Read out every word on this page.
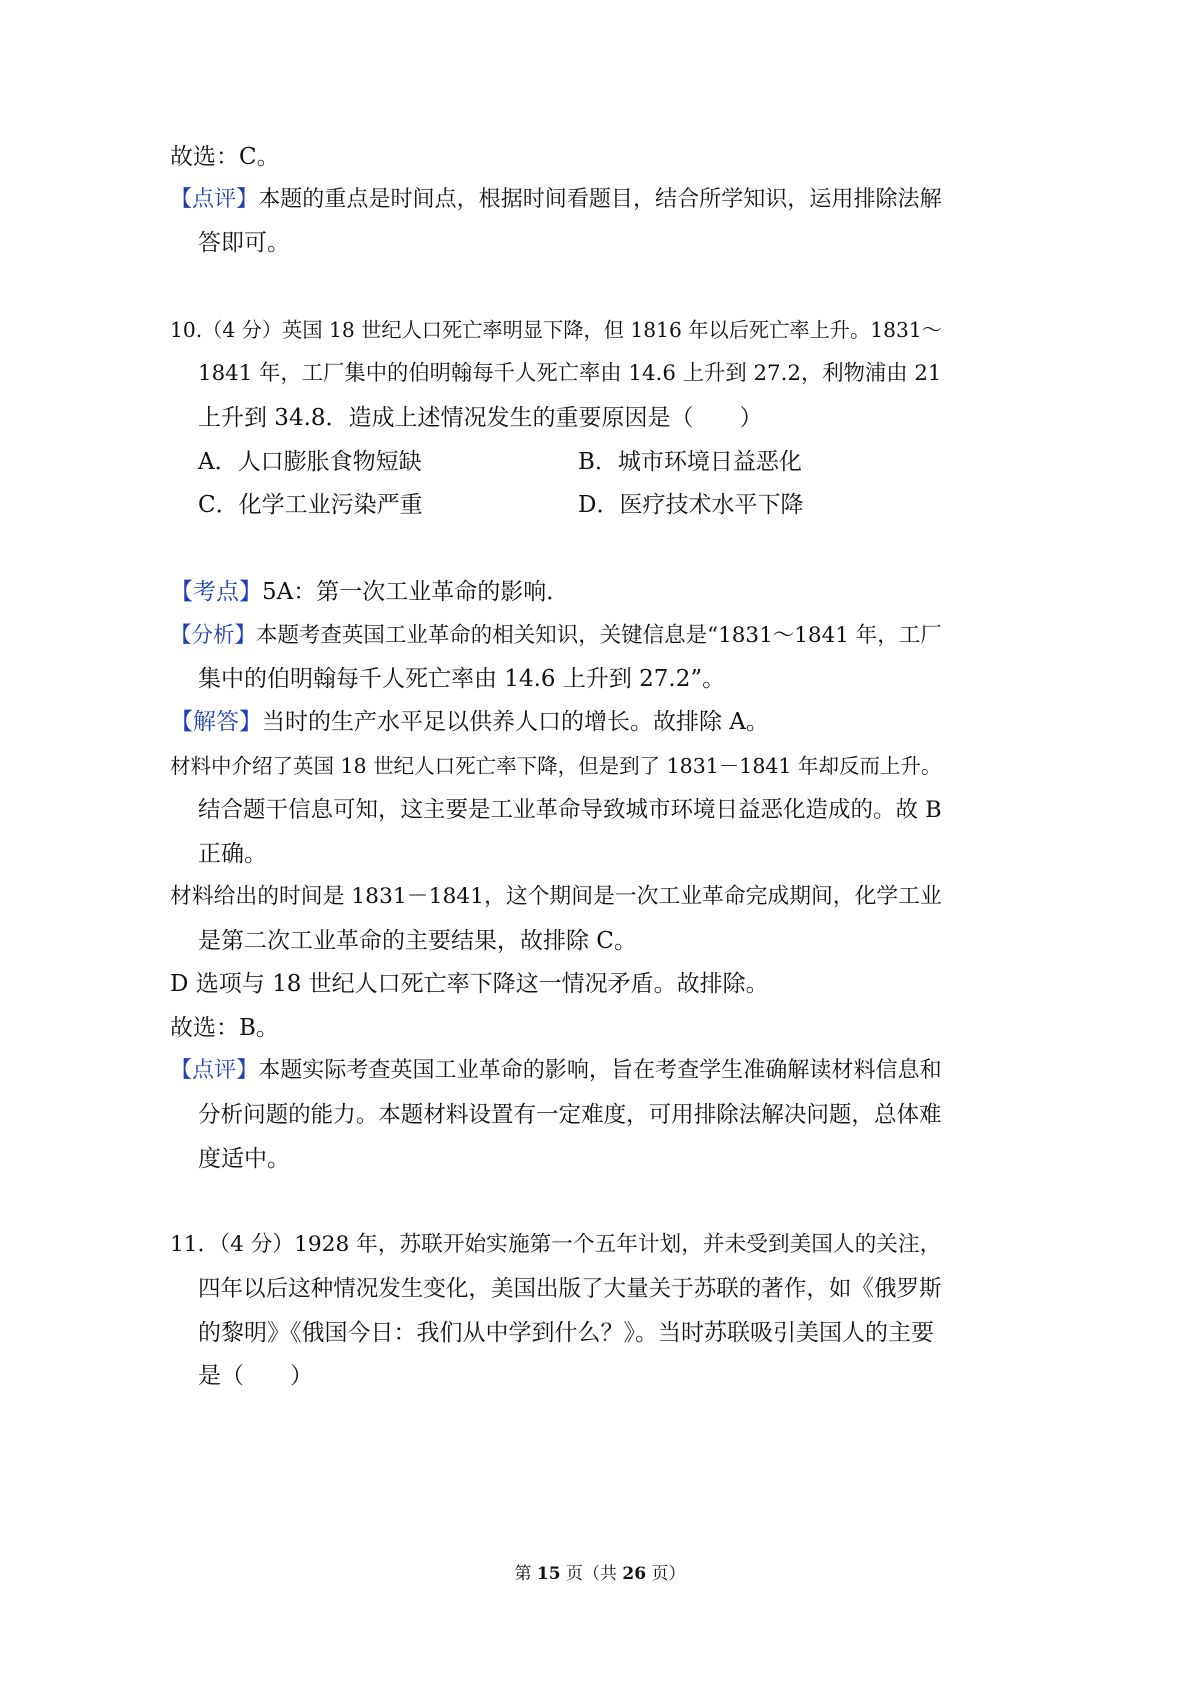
故选：C。
【点评】本题的重点是时间点，根据时间看题目，结合所学知识，运用排除法解
答即可。
10.（4 分）英国 18 世纪人口死亡率明显下降，但 1816 年以后死亡率上升。1831～
1841 年，工厂集中的伯明翰每千人死亡率由 14.6 上升到 27.2，利物浦由 21
上升到 34.8．造成上述情况发生的重要原因是（　　）
A．人口膨胀食物短缺	B．城市环境日益恶化
C．化学工业污染严重	D．医疗技术水平下降
【考点】5A：第一次工业革命的影响．
【分析】本题考查英国工业革命的相关知识，关键信息是“1831～1841 年，工厂
集中的伯明翰每千人死亡率由 14.6 上升到 27.2”。
【解答】当时的生产水平足以供养人口的增长。故排除 A。
材料中介绍了英国 18 世纪人口死亡率下降，但是到了 1831－1841 年却反而上升。
结合题干信息可知，这主要是工业革命导致城市环境日益恶化造成的。故 B
正确。
材料给出的时间是 1831－1841，这个期间是一次工业革命完成期间，化学工业
是第二次工业革命的主要结果，故排除 C。
D 选项与 18 世纪人口死亡率下降这一情况矛盾。故排除。
故选：B。
【点评】本题实际考查英国工业革命的影响，旨在考查学生准确解读材料信息和
分析问题的能力。本题材料设置有一定难度，可用排除法解决问题，总体难
度适中。
11．（4 分）1928 年，苏联开始实施第一个五年计划，并未受到美国人的关注，
四年以后这种情况发生变化，美国出版了大量关于苏联的著作，如《俄罗斯
的黎明》《俄国今日：我们从中学到什么？》。当时苏联吸引美国人的主要
是（　　）
第 15 页（共 26 页）
